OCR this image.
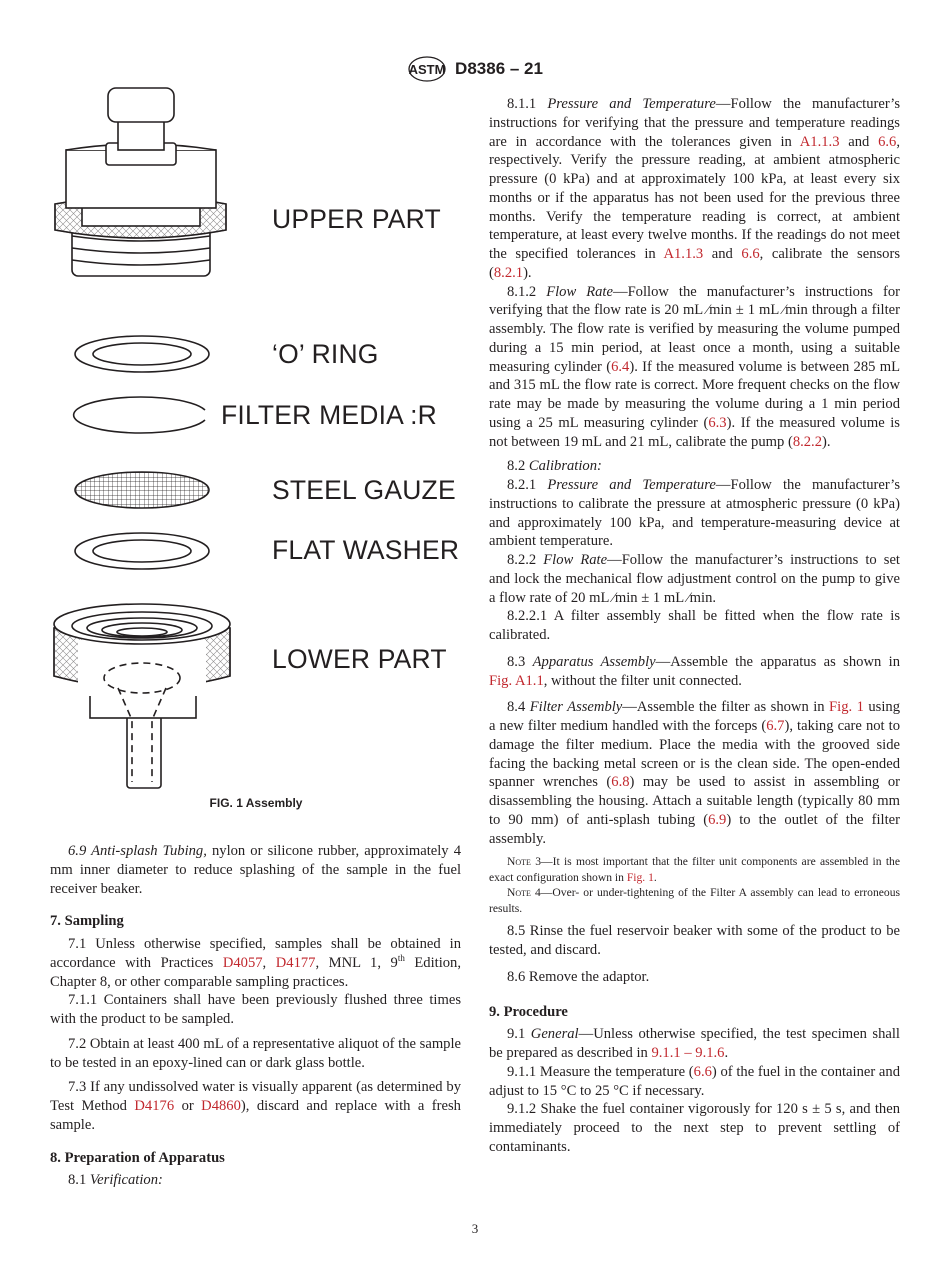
ASTM D8386 – 21
UPPER PART
‘O’ RING
FILTER MEDIA :R
STEEL GAUZE
FLAT WASHER
LOWER PART
FIG. 1 Assembly

6.9 Anti-splash Tubing, nylon or silicone rubber, approximately 4 mm inner diameter to reduce splashing of the sample in the fuel receiver beaker.

7. Sampling

7.1 Unless otherwise specified, samples shall be obtained in accordance with Practices D4057, D4177, MNL 1, 9th Edition, Chapter 8, or other comparable sampling practices.

7.1.1 Containers shall have been previously flushed three times with the product to be sampled.

7.2 Obtain at least 400 mL of a representative aliquot of the sample to be tested in an epoxy-lined can or dark glass bottle.

7.3 If any undissolved water is visually apparent (as determined by Test Method D4176 or D4860), discard and replace with a fresh sample.

8. Preparation of Apparatus

8.1 Verification:

8.1.1 Pressure and Temperature—Follow the manufacturer’s instructions for verifying that the pressure and temperature readings are in accordance with the tolerances given in A1.1.3 and 6.6, respectively. Verify the pressure reading, at ambient atmospheric pressure (0 kPa) and at approximately 100 kPa, at least every six months or if the apparatus has not been used for the previous three months. Verify the temperature reading is correct, at ambient temperature, at least every twelve months. If the readings do not meet the specified tolerances in A1.1.3 and 6.6, calibrate the sensors (8.2.1).

8.1.2 Flow Rate—Follow the manufacturer’s instructions for verifying that the flow rate is 20 mL ⁄min ± 1 mL ⁄min through a filter assembly. The flow rate is verified by measuring the volume pumped during a 15 min period, at least once a month, using a suitable measuring cylinder (6.4). If the measured volume is between 285 mL and 315 mL the flow rate is correct. More frequent checks on the flow rate may be made by measuring the volume during a 1 min period using a 25 mL measuring cylinder (6.3). If the measured volume is not between 19 mL and 21 mL, calibrate the pump (8.2.2).

8.2 Calibration:

8.2.1 Pressure and Temperature—Follow the manufacturer’s instructions to calibrate the pressure at atmospheric pressure (0 kPa) and approximately 100 kPa, and temperature-measuring device at ambient temperature.

8.2.2 Flow Rate—Follow the manufacturer’s instructions to set and lock the mechanical flow adjustment control on the pump to give a flow rate of 20 mL ⁄min ± 1 mL ⁄min.

8.2.2.1 A filter assembly shall be fitted when the flow rate is calibrated.

8.3 Apparatus Assembly—Assemble the apparatus as shown in Fig. A1.1, without the filter unit connected.

8.4 Filter Assembly—Assemble the filter as shown in Fig. 1 using a new filter medium handled with the forceps (6.7), taking care not to damage the filter medium. Place the media with the grooved side facing the backing metal screen or is the clean side. The open-ended spanner wrenches (6.8) may be used to assist in assembling or disassembling the housing. Attach a suitable length (typically 80 mm to 90 mm) of anti-splash tubing (6.9) to the outlet of the filter assembly.

Note 3—It is most important that the filter unit components are assembled in the exact configuration shown in Fig. 1.

Note 4—Over- or under-tightening of the Filter A assembly can lead to erroneous results.

8.5 Rinse the fuel reservoir beaker with some of the product to be tested, and discard.

8.6 Remove the adaptor.

9. Procedure

9.1 General—Unless otherwise specified, the test specimen shall be prepared as described in 9.1.1 – 9.1.6.

9.1.1 Measure the temperature (6.6) of the fuel in the container and adjust to 15 °C to 25 °C if necessary.

9.1.2 Shake the fuel container vigorously for 120 s ± 5 s, and then immediately proceed to the next step to prevent settling of contaminants.

3
